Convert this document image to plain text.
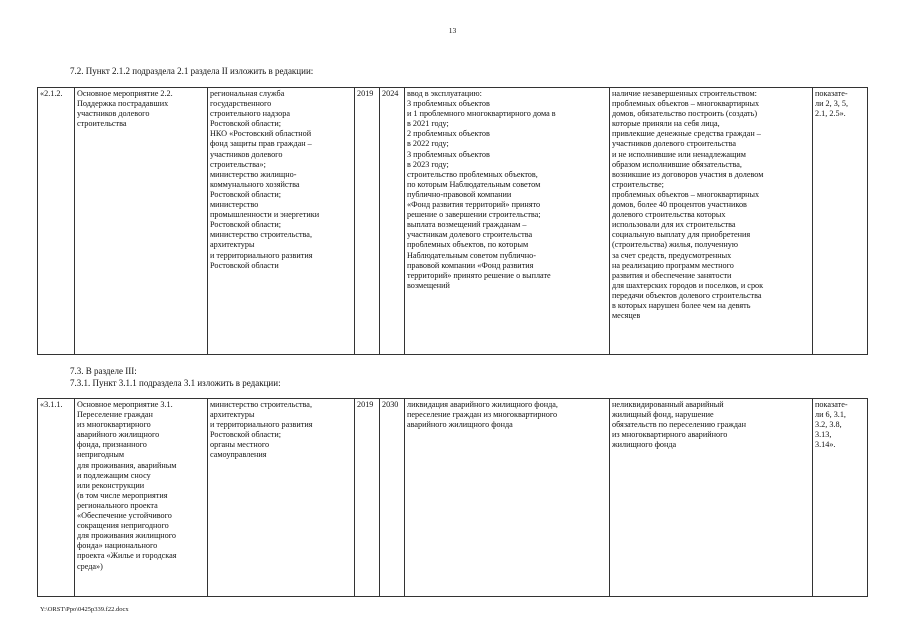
13
7.2. Пункт 2.1.2 подраздела 2.1 раздела II изложить в редакции:
«2.1.2.	Основное мероприятие 2.2.
Поддержка пострадавших
участников долевого
строительства

региональная служба
государственного
строительного надзора
Ростовской области;
НКО «Ростовский областной
фонд защиты прав граждан –
участников долевого
строительства»;
министерство жилищно-
коммунального хозяйства
Ростовской области;
министерство
промышленности и энергетики
Ростовской области;
министерство строительства,
архитектуры
и территориального развития
Ростовской области
	2019	2024	ввод в эксплуатацию:
3 проблемных объектов
и 1 проблемного многоквартирного дома в
в 2021 году;
2 проблемных объектов
в 2022 году;
3 проблемных объектов
в 2023 году;
строительство проблемных объектов,
по которым Наблюдательным советом
публично-правовой компании
«Фонд развития территорий» принято
решение о завершении строительства;
выплата возмещений гражданам –
участникам долевого строительства
проблемных объектов, по которым
Наблюдательным советом публично-
правовой компании «Фонд развития
территорий» принято решение о выплате
возмещений

наличие незавершенных строительством:
проблемных объектов – многоквартирных
домов, обязательство построить (создать)
которые приняли на себя лица,
привлекшие денежные средства граждан –
участников долевого строительства
и не исполнившие или ненадлежащим
образом исполнившие обязательства,
возникшие из договоров участия в долевом
строительстве;
проблемных объектов – многоквартирных
домов, более 40 процентов участников
долевого строительства которых
использовали для их строительства
социальную выплату для приобретения
(строительства) жилья, полученную
за счет средств, предусмотренных
на реализацию программ местного
развития и обеспечение занятости
для шахтерских городов и поселков, и срок
передачи объектов долевого строительства
в которых нарушен более чем на девять
месяцев

показате-
ли 2, 3, 5,
2.1, 2.5».
7.3. В разделе III:
7.3.1. Пункт 3.1.1 подраздела 3.1 изложить в редакции:
«3.1.1.	Основное мероприятие 3.1.
Переселение граждан
из многоквартирного
аварийного жилищного
фонда, признанного
непригодным
для проживания, аварийным
и подлежащим сносу
или реконструкции
(в том числе мероприятия
регионального проекта
«Обеспечение устойчивого
сокращения непригодного
для проживания жилищного
фонда» национального
проекта «Жилье и городская
среда»)

министерство строительства,
архитектуры
и территориального развития
Ростовской области;
органы местного
самоуправления
	2019	2030	ликвидация аварийного жилищного фонда,
переселение граждан из многоквартирного
аварийного жилищного фонда

неликвидированный аварийный
жилищный фонд, нарушение
обязательств по переселению граждан
из многоквартирного аварийного
жилищного фонда

показате-
ли 6, 3.1,
3.2, 3.8,
3.13,
3.14».
Y:\ORST\Ppo\0425p339.f22.docx
